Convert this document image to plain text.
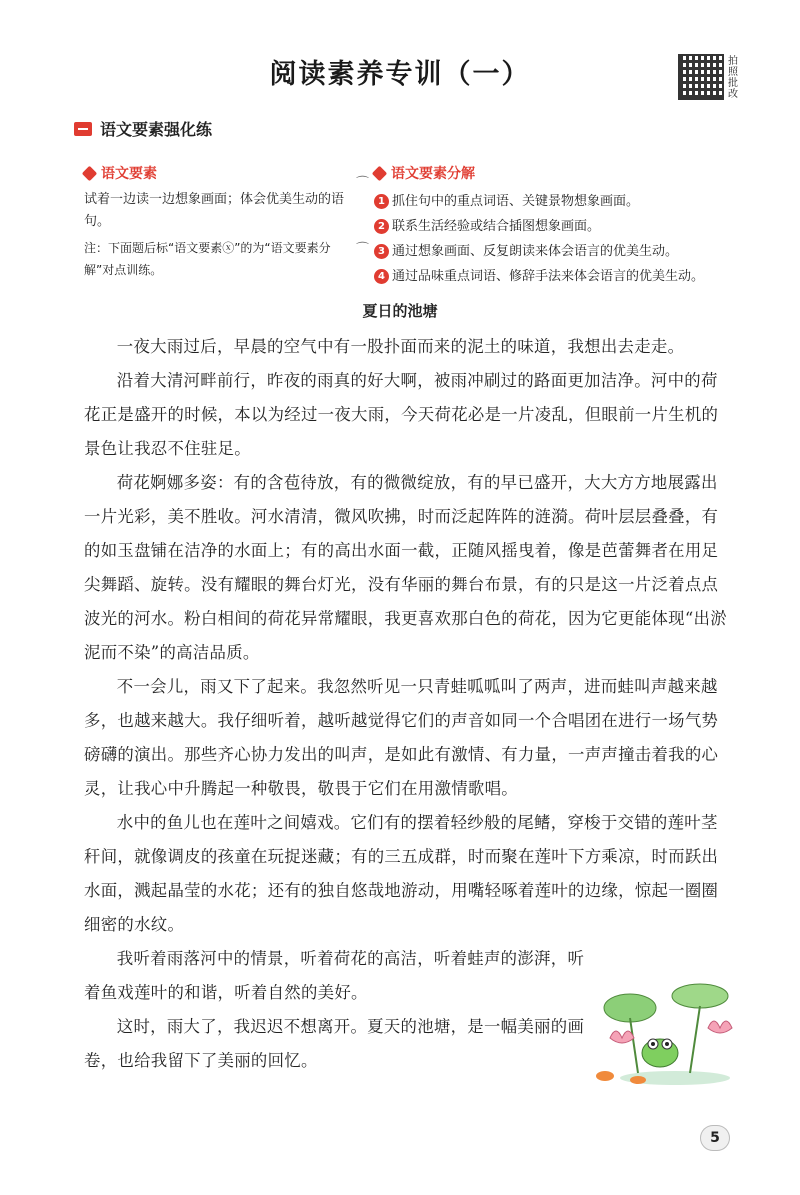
阅读素养专训（一）	拍照批改
语文要素强化练
语文要素
试着一边读一边想象画面；体会优美生动的语句。
注：下面题后标“语文要素ⓧ”的为“语文要素分解”对点训练。
⌒
⌒
语文要素分解
1 抓住句中的重点词语、关键景物想象画面。
2 联系生活经验或结合插图想象画面。
3 通过想象画面、反复朗读来体会语言的优美生动。
4 通过品味重点词语、修辞手法来体会语言的优美生动。
夏日的池塘

一夜大雨过后，早晨的空气中有一股扑面而来的泥土的味道，我想出去走走。

沿着大清河畔前行，昨夜的雨真的好大啊，被雨冲刷过的路面更加洁净。河中的荷花正是盛开的时候，本以为经过一夜大雨，今天荷花必是一片凌乱，但眼前一片生机的景色让我忍不住驻足。

荷花婀娜多姿：有的含苞待放，有的微微绽放，有的早已盛开，大大方方地展露出一片光彩，美不胜收。河水清清，微风吹拂，时而泛起阵阵的涟漪。荷叶层层叠叠，有的如玉盘铺在洁净的水面上；有的高出水面一截，正随风摇曳着，像是芭蕾舞者在用足尖舞蹈、旋转。没有耀眼的舞台灯光，没有华丽的舞台布景，有的只是这一片泛着点点波光的河水。粉白相间的荷花异常耀眼，我更喜欢那白色的荷花，因为它更能体现“出淤泥而不染”的高洁品质。

不一会儿，雨又下了起来。我忽然听见一只青蛙呱呱叫了两声，进而蛙叫声越来越多，也越来越大。我仔细听着，越听越觉得它们的声音如同一个合唱团在进行一场气势磅礴的演出。那些齐心协力发出的叫声，是如此有激情、有力量，一声声撞击着我的心灵，让我心中升腾起一种敬畏，敬畏于它们在用激情歌唱。

水中的鱼儿也在莲叶之间嬉戏。它们有的摆着轻纱般的尾鳍，穿梭于交错的莲叶茎秆间，就像调皮的孩童在玩捉迷藏；有的三五成群，时而聚在莲叶下方乘凉，时而跃出水面，溅起晶莹的水花；还有的独自悠哉地游动，用嘴轻啄着莲叶的边缘，惊起一圈圈细密的水纹。

我听着雨落河中的情景，听着荷花的高洁，听着蛙声的澎湃，听着鱼戏莲叶的和谐，听着自然的美好。

这时，雨大了，我迟迟不想离开。夏天的池塘，是一幅美丽的画卷，也给我留下了美丽的回忆。

5
